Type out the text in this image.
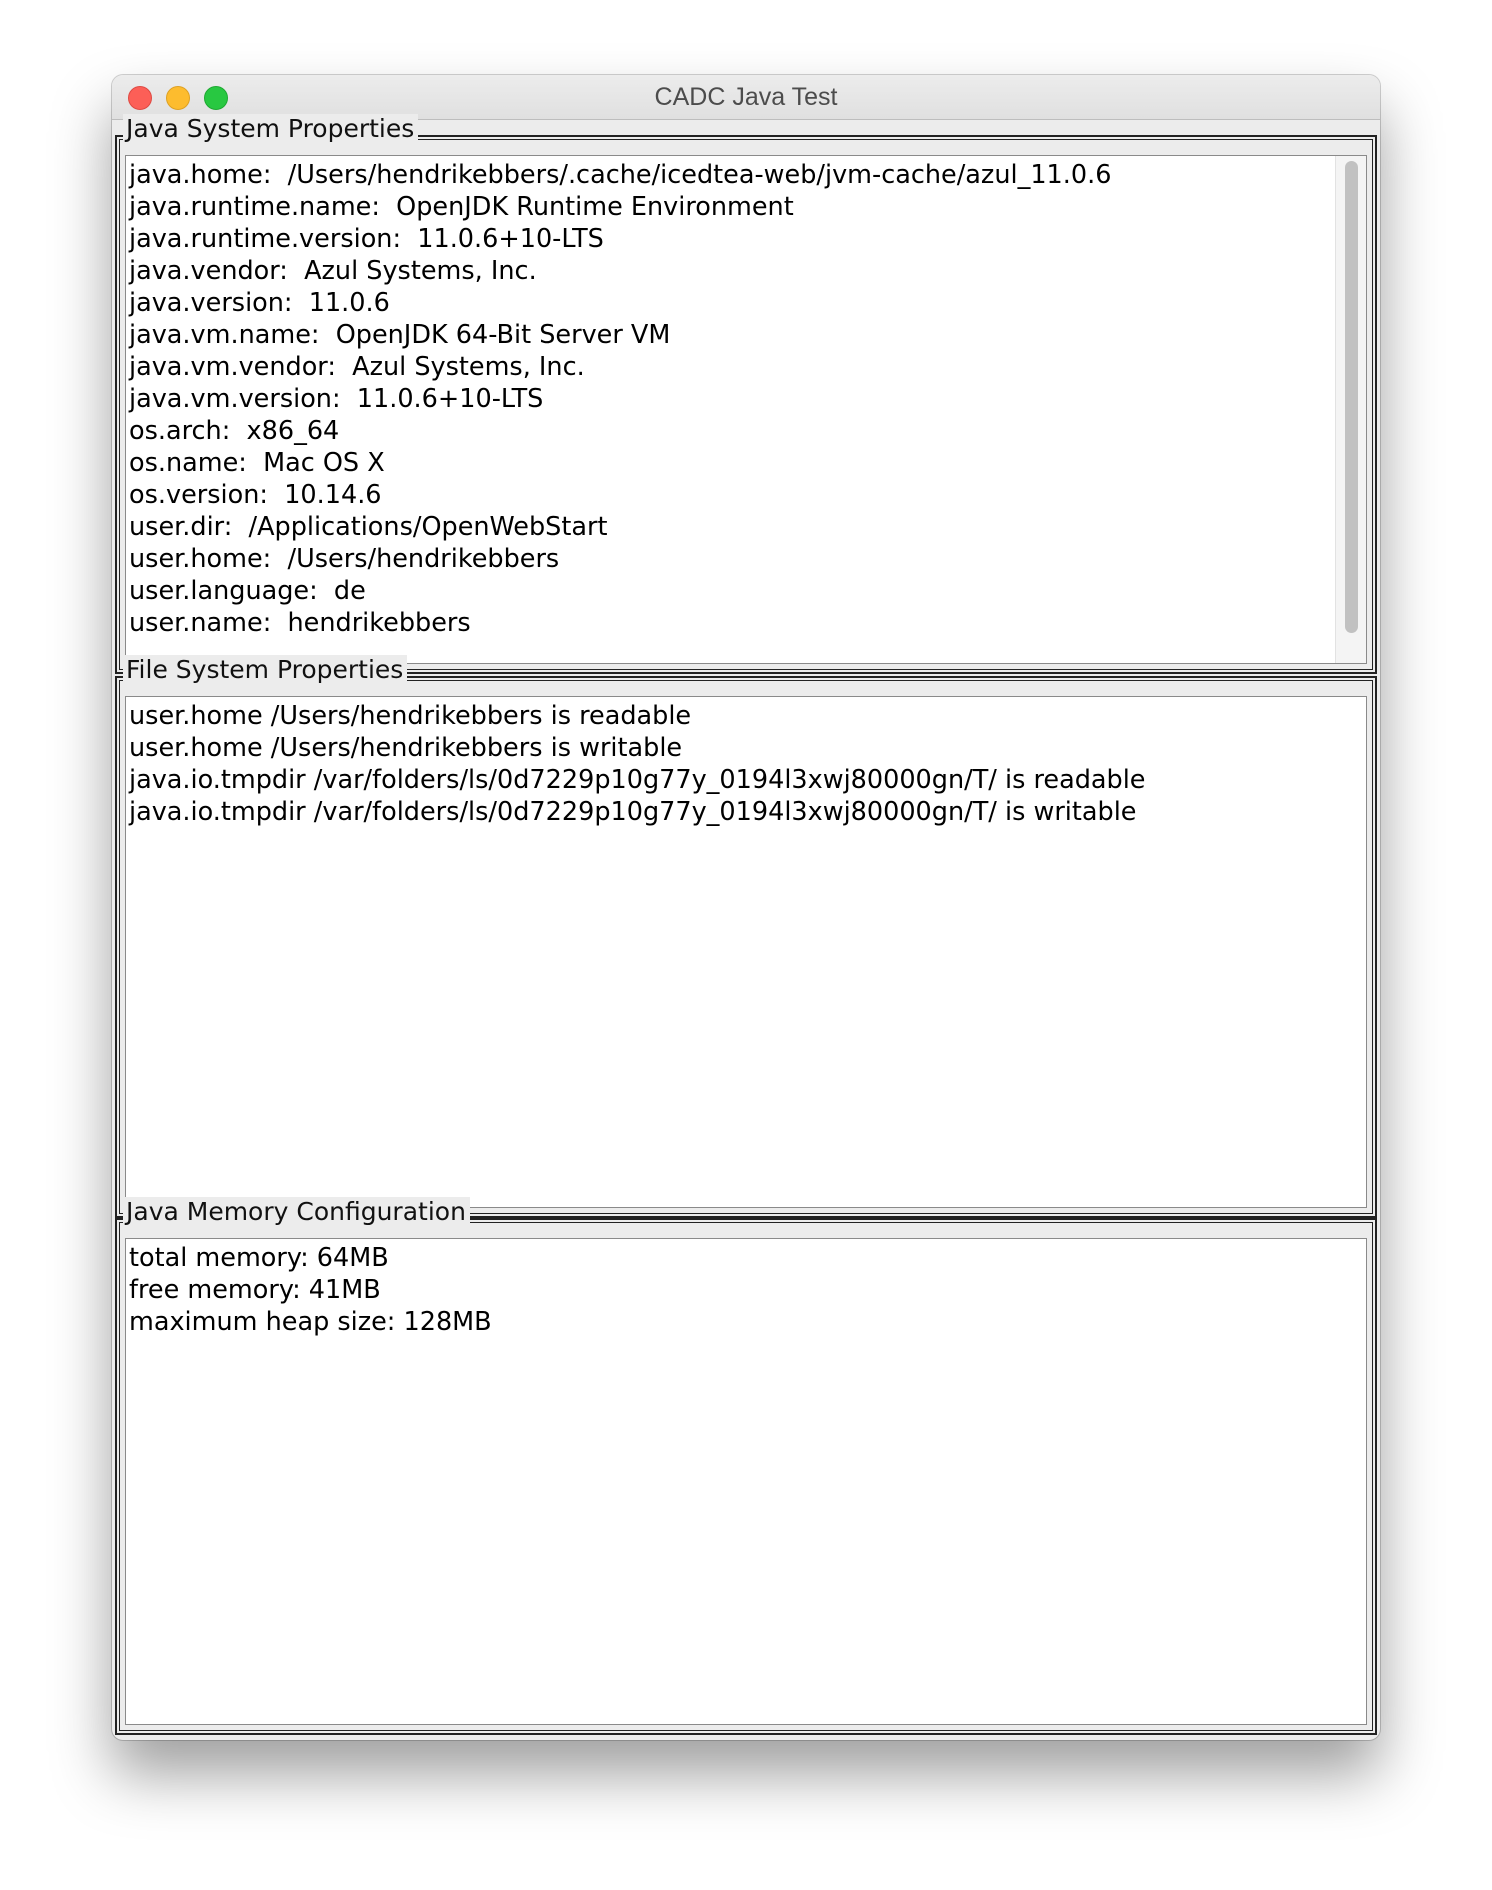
CADC Java Test
Java System Properties
java.home:  /Users/hendrikebbers/.cache/icedtea-web/jvm-cache/azul_11.0.6
java.runtime.name:  OpenJDK Runtime Environment
java.runtime.version:  11.0.6+10-LTS
java.vendor:  Azul Systems, Inc.
java.version:  11.0.6
java.vm.name:  OpenJDK 64-Bit Server VM
java.vm.vendor:  Azul Systems, Inc.
java.vm.version:  11.0.6+10-LTS
os.arch:  x86_64
os.name:  Mac OS X
os.version:  10.14.6
user.dir:  /Applications/OpenWebStart
user.home:  /Users/hendrikebbers
user.language:  de
user.name:  hendrikebbers
File System Properties
user.home /Users/hendrikebbers is readable
user.home /Users/hendrikebbers is writable
java.io.tmpdir /var/folders/ls/0d7229p10g77y_0194l3xwj80000gn/T/ is readable
java.io.tmpdir /var/folders/ls/0d7229p10g77y_0194l3xwj80000gn/T/ is writable
Java Memory Configuration
total memory: 64MB
free memory: 41MB
maximum heap size: 128MB
